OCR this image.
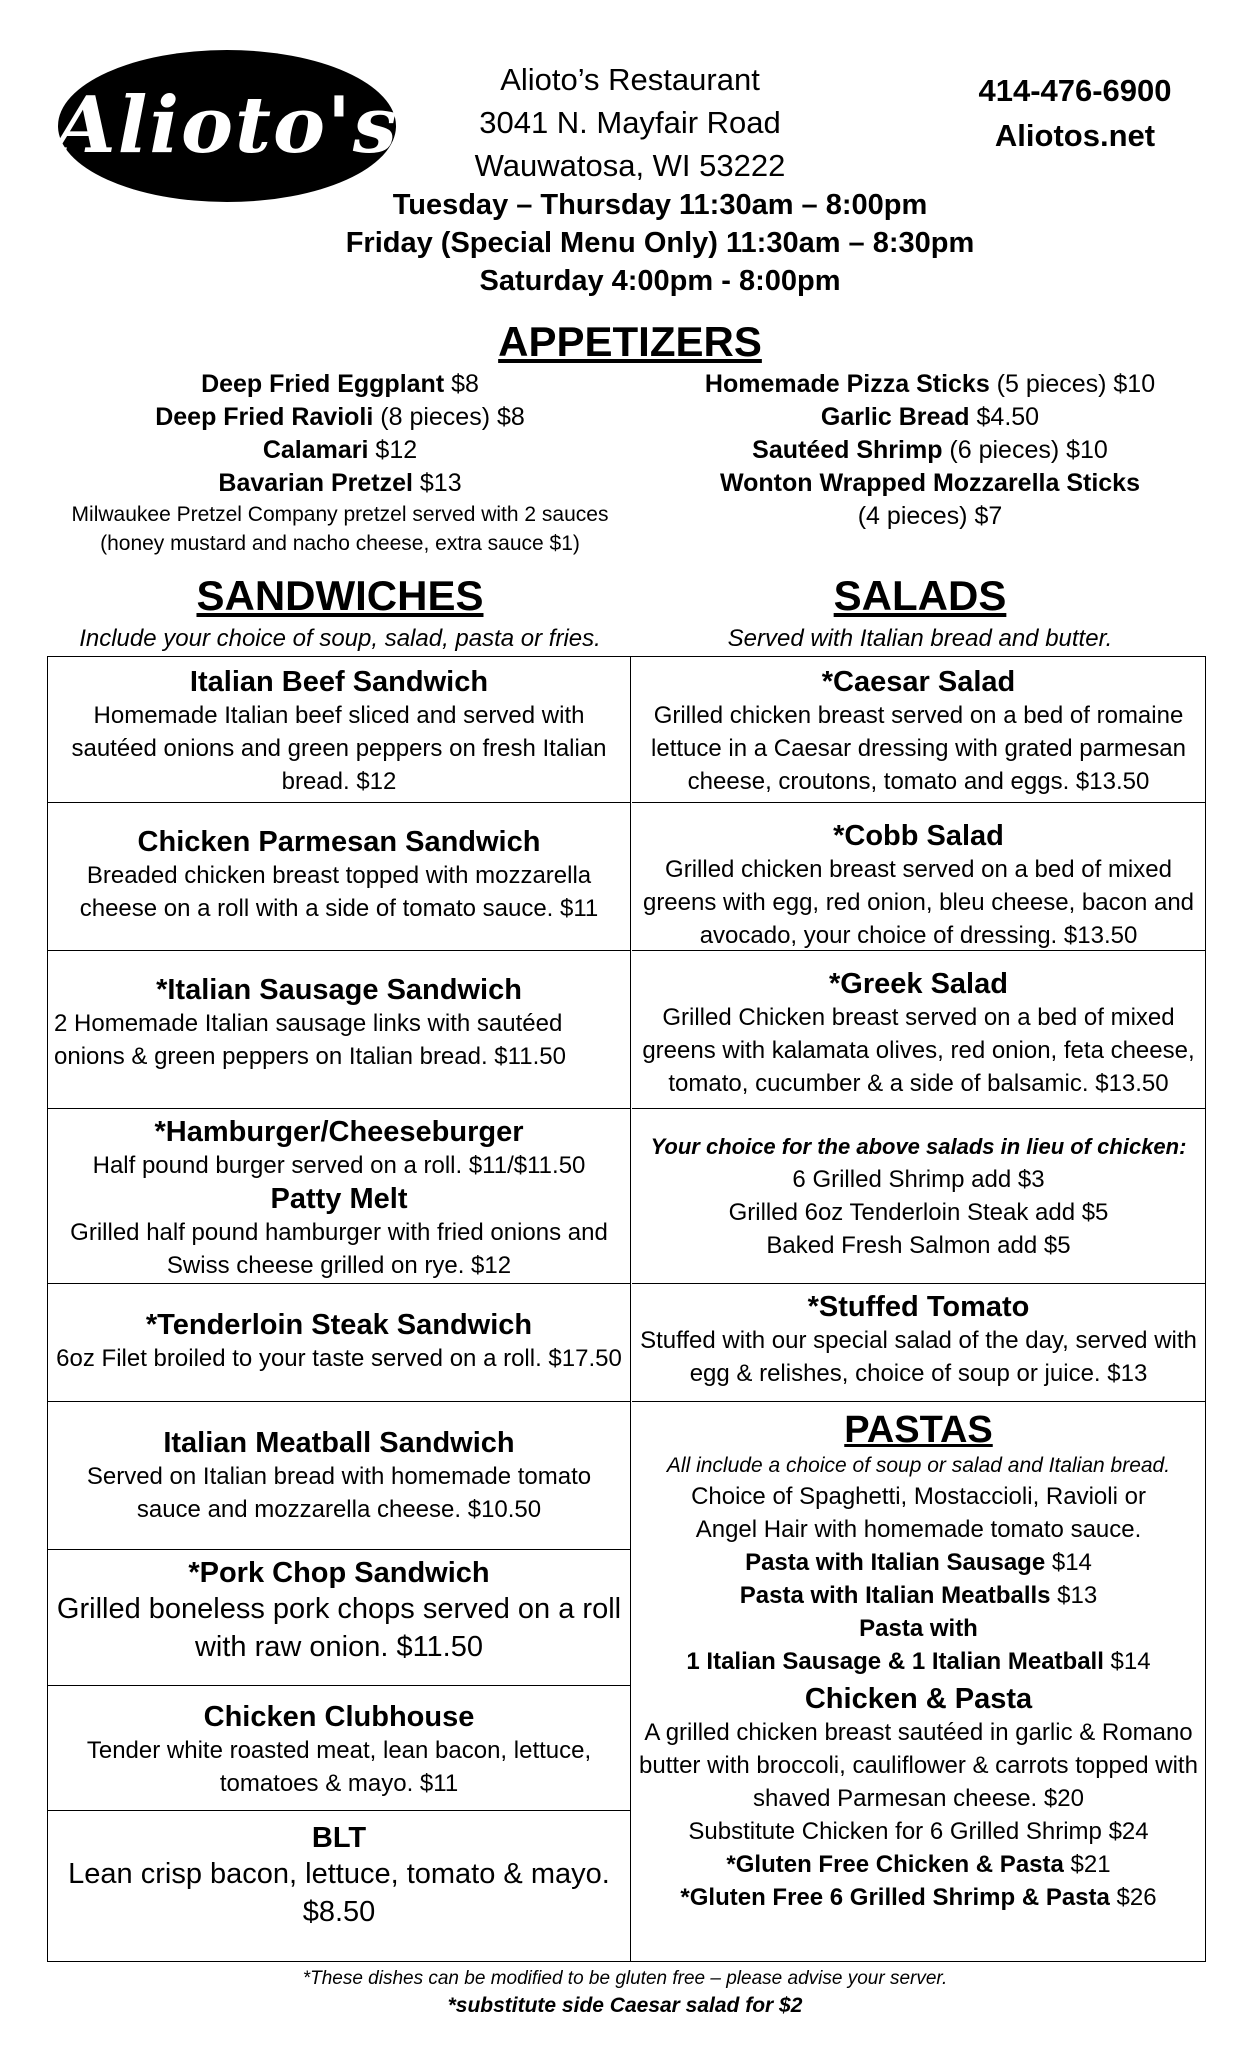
Alioto's
Alioto’s Restaurant
3041 N. Mayfair Road
Wauwatosa, WI 53222
414-476-6900
Aliotos.net
Tuesday – Thursday 11:30am – 8:00pm
Friday (Special Menu Only) 11:30am – 8:30pm
Saturday 4:00pm - 8:00pm
APPETIZERS
Deep Fried Eggplant $8
Deep Fried Ravioli (8 pieces) $8
Calamari $12
Bavarian Pretzel $13
Milwaukee Pretzel Company pretzel served with 2 sauces
(honey mustard and nacho cheese, extra sauce $1)
Homemade Pizza Sticks (5 pieces) $10
Garlic Bread $4.50
Sautéed Shrimp (6 pieces) $10
Wonton Wrapped Mozzarella Sticks
(4 pieces) $7
SANDWICHES
Include your choice of soup, salad, pasta or fries.
SALADS
Served with Italian bread and butter.
Italian Beef Sandwich
Homemade Italian beef sliced and served with sautéed onions and green peppers on fresh Italian bread. $12
Chicken Parmesan Sandwich
Breaded chicken breast topped with mozzarella cheese on a roll with a side of tomato sauce. $11
*Italian Sausage Sandwich
2 Homemade Italian sausage links with sautéed onions & green peppers on Italian bread. $11.50
*Hamburger/Cheeseburger
Half pound burger served on a roll. $11/$11.50
Patty Melt
Grilled half pound hamburger with fried onions and Swiss cheese grilled on rye. $12
*Tenderloin Steak Sandwich
6oz Filet broiled to your taste served on a roll. $17.50
Italian Meatball Sandwich
Served on Italian bread with homemade tomato sauce and mozzarella cheese. $10.50
*Pork Chop Sandwich
Grilled boneless pork chops served on a roll with raw onion. $11.50
Chicken Clubhouse
Tender white roasted meat, lean bacon, lettuce, tomatoes & mayo. $11
BLT
Lean crisp bacon, lettuce, tomato & mayo. $8.50
*Caesar Salad
Grilled chicken breast served on a bed of romaine lettuce in a Caesar dressing with grated parmesan cheese, croutons, tomato and eggs. $13.50
*Cobb Salad
Grilled chicken breast served on a bed of mixed greens with egg, red onion, bleu cheese, bacon and avocado, your choice of dressing. $13.50
*Greek Salad
Grilled Chicken breast served on a bed of mixed greens with kalamata olives, red onion, feta cheese, tomato, cucumber & a side of balsamic. $13.50
Your choice for the above salads in lieu of chicken:
6 Grilled Shrimp add $3
Grilled 6oz Tenderloin Steak add $5
Baked Fresh Salmon add $5
*Stuffed Tomato
Stuffed with our special salad of the day, served with egg & relishes, choice of soup or juice. $13
PASTAS
All include a choice of soup or salad and Italian bread.
Choice of Spaghetti, Mostaccioli, Ravioli or
Angel Hair with homemade tomato sauce.
Pasta with Italian Sausage $14
Pasta with Italian Meatballs $13
Pasta with
1 Italian Sausage & 1 Italian Meatball $14
Chicken & Pasta
A grilled chicken breast sautéed in garlic & Romano butter with broccoli, cauliflower & carrots topped with shaved Parmesan cheese. $20
Substitute Chicken for 6 Grilled Shrimp $24
*Gluten Free Chicken & Pasta $21
*Gluten Free 6 Grilled Shrimp & Pasta $26
*These dishes can be modified to be gluten free – please advise your server.
*substitute side Caesar salad for $2
